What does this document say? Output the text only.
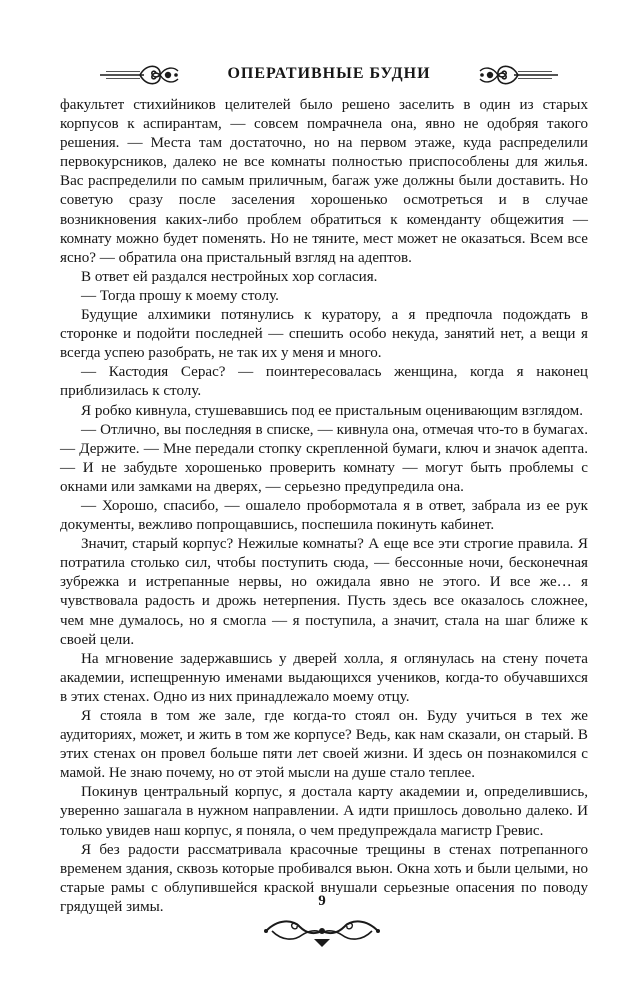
ОПЕРАТИВНЫЕ БУДНИ

факультет стихийников целителей было решено заселить в один из старых корпусов к аспирантам, — совсем помрачнела она, явно не одобряя такого решения. — Места там достаточно, но на первом этаже, куда распределили первокурсников, далеко не все комнаты полностью приспособлены для жилья. Вас распределили по самым приличным, багаж уже должны были доставить. Но советую сразу после заселения хорошенько осмотреться и в случае возникновения каких-либо проблем обратиться к коменданту общежития — комнату можно будет поменять. Но не тяните, мест может не оказаться. Всем все ясно? — обратила она пристальный взгляд на адептов.

В ответ ей раздался нестройных хор согласия.

— Тогда прошу к моему столу.

Будущие алхимики потянулись к куратору, а я предпочла подождать в сторонке и подойти последней — спешить особо некуда, занятий нет, а вещи я всегда успею разобрать, не так их у меня и много.

— Кастодия Серас? — поинтересовалась женщина, когда я наконец приблизилась к столу.

Я робко кивнула, стушевавшись под ее пристальным оценивающим взглядом.

— Отлично, вы последняя в списке, — кивнула она, отмечая что-то в бумагах. — Держите. — Мне передали стопку скрепленной бумаги, ключ и значок адепта. — И не забудьте хорошенько проверить комнату — могут быть проблемы с окнами или замками на дверях, — серьезно предупредила она.

— Хорошо, спасибо, — ошалело пробормотала я в ответ, забрала из ее рук документы, вежливо попрощавшись, поспешила покинуть кабинет.

Значит, старый корпус? Нежилые комнаты? А еще все эти строгие правила. Я потратила столько сил, чтобы поступить сюда, — бессонные ночи, бесконечная зубрежка и истрепанные нервы, но ожидала явно не этого. И все же… я чувствовала радость и дрожь нетерпения. Пусть здесь все оказалось сложнее, чем мне думалось, но я смогла — я поступила, а значит, стала на шаг ближе к своей цели.

На мгновение задержавшись у дверей холла, я оглянулась на стену почета академии, испещренную именами выдающихся учеников, когда-то обучавшихся в этих стенах. Одно из них принадлежало моему отцу.

Я стояла в том же зале, где когда-то стоял он. Буду учиться в тех же аудиториях, может, и жить в том же корпусе? Ведь, как нам сказали, он старый. В этих стенах он провел больше пяти лет своей жизни. И здесь он познакомился с мамой. Не знаю почему, но от этой мысли на душе стало теплее.

Покинув центральный корпус, я достала карту академии и, определившись, уверенно зашагала в нужном направлении. А идти пришлось довольно далеко. И только увидев наш корпус, я поняла, о чем предупреждала магистр Гревис.

Я без радости рассматривала красочные трещины в стенах потрепанного временем здания, сквозь которые пробивался вьюн. Окна хоть и были целыми, но старые рамы с облупившейся краской внушали серьезные опасения по поводу грядущей зимы.	9
